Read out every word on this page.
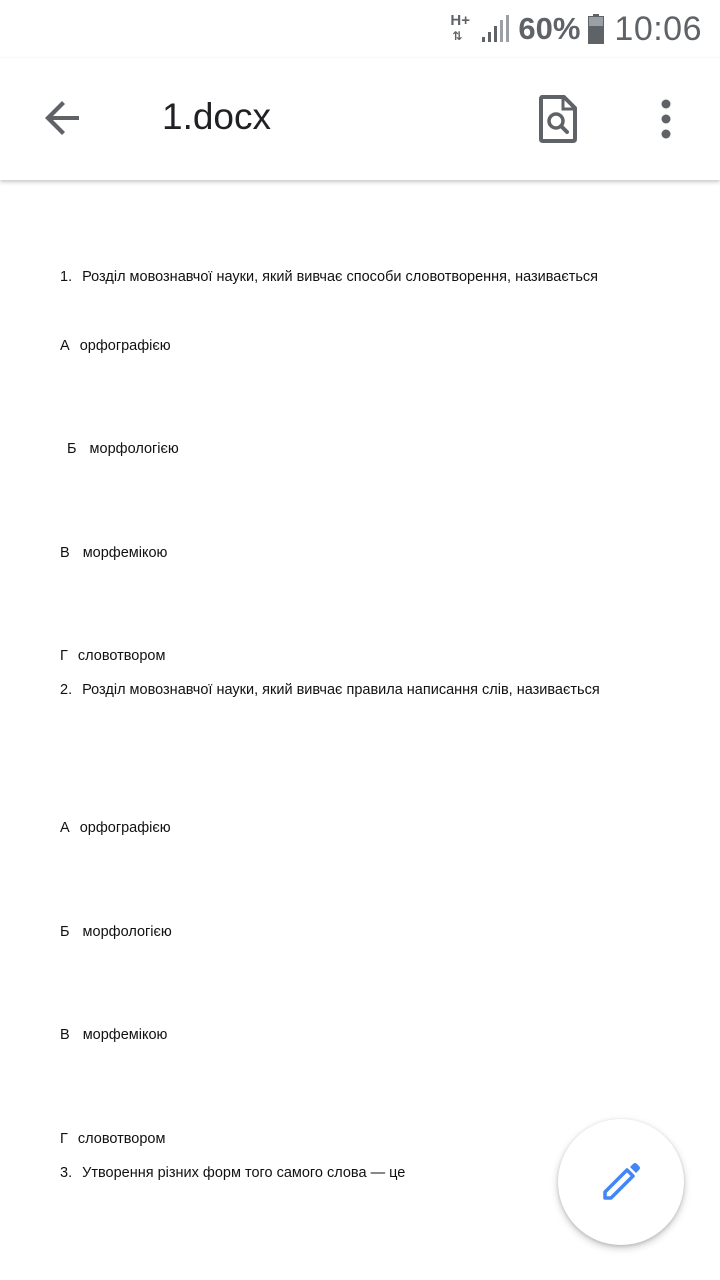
H+
⇅ 60% 10:06
1.docx
1. Розділ мовознавчої науки, який вивчає способи словотворення, називається
А орфографією
Б морфологією
В морфемікою
Г словотвором
2. Розділ мовознавчої науки, який вивчає правила написання слів, називається
А орфографією
Б морфологією
В морфемікою
Г словотвором
3. Утворення різних форм того самого слова — це
